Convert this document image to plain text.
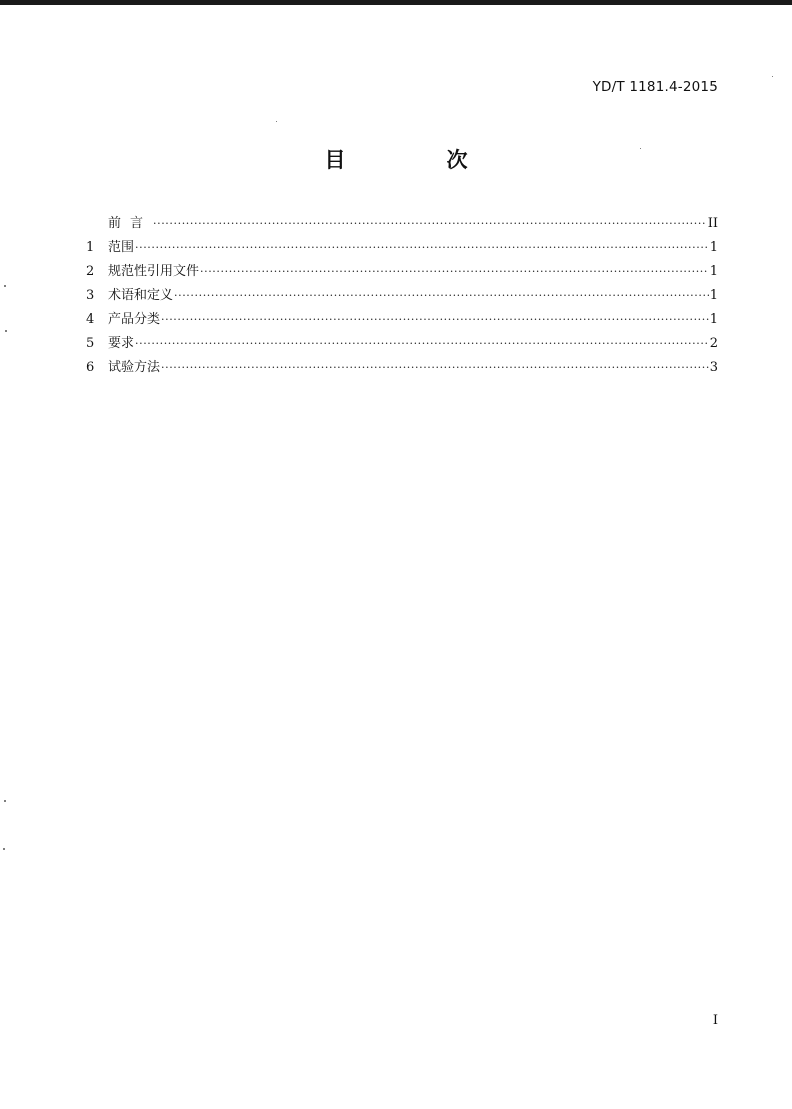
YD/T 1181.4-2015
目　次
前言 ·····	II
1	范围 ·····	1
2	规范性引用文件 ·····	1
3	术语和定义 ·····	1
4	产品分类 ·····	1
5	要求 ·····	2
6	试验方法 ·····	3
I
